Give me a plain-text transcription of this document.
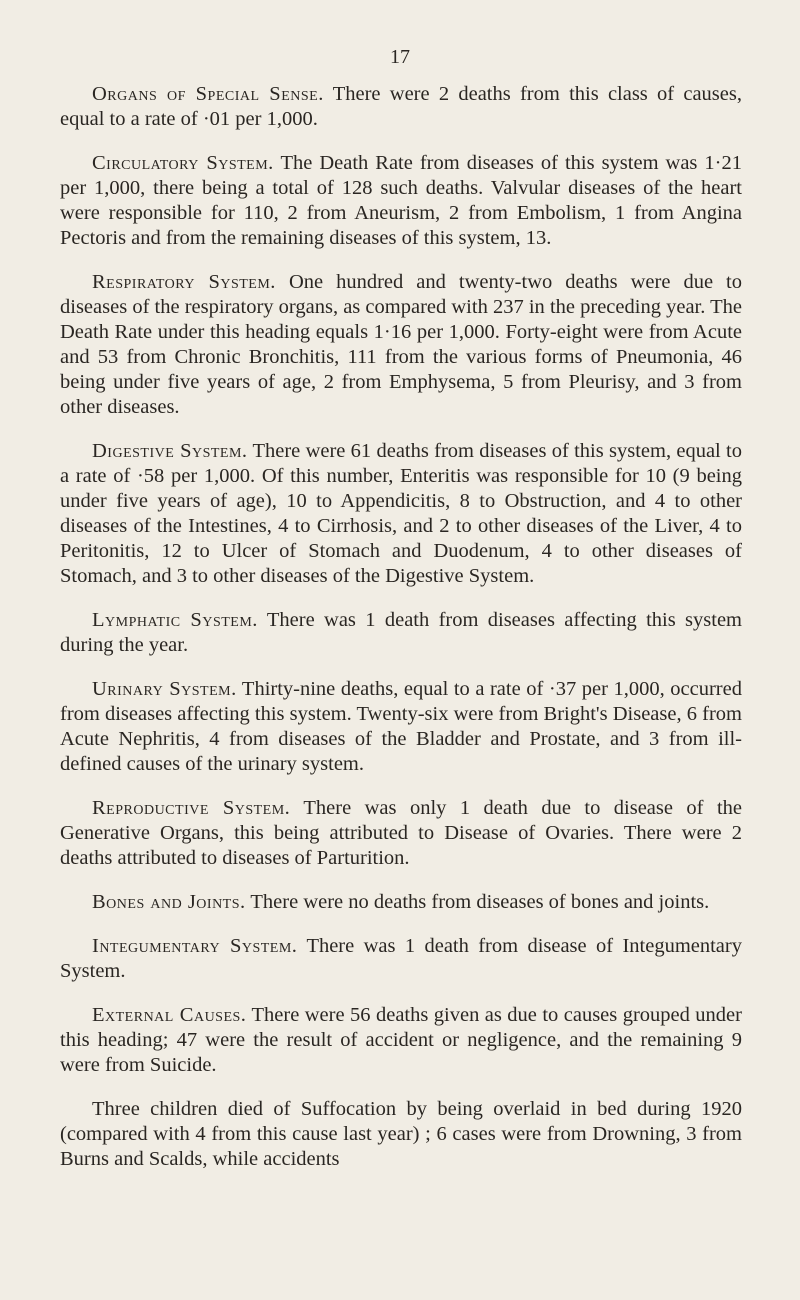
17

Organs of Special Sense. There were 2 deaths from this class of causes, equal to a rate of ·01 per 1,000.

Circulatory System. The Death Rate from diseases of this system was 1·21 per 1,000, there being a total of 128 such deaths. Valvular diseases of the heart were responsible for 110, 2 from Aneurism, 2 from Embolism, 1 from Angina Pectoris and from the remaining diseases of this system, 13.

Respiratory System. One hundred and twenty-two deaths were due to diseases of the respiratory organs, as compared with 237 in the preceding year. The Death Rate under this heading equals 1·16 per 1,000. Forty-eight were from Acute and 53 from Chronic Bronchitis, 111 from the various forms of Pneumonia, 46 being under five years of age, 2 from Emphysema, 5 from Pleurisy, and 3 from other diseases.

Digestive System. There were 61 deaths from diseases of this system, equal to a rate of ·58 per 1,000. Of this number, Enteritis was responsible for 10 (9 being under five years of age), 10 to Appendicitis, 8 to Obstruction, and 4 to other diseases of the Intestines, 4 to Cirrhosis, and 2 to other diseases of the Liver, 4 to Peritonitis, 12 to Ulcer of Stomach and Duodenum, 4 to other diseases of Stomach, and 3 to other diseases of the Digestive System.

Lymphatic System. There was 1 death from diseases affecting this system during the year.

Urinary System. Thirty-nine deaths, equal to a rate of ·37 per 1,000, occurred from diseases affecting this system. Twenty-six were from Bright's Disease, 6 from Acute Nephritis, 4 from diseases of the Bladder and Prostate, and 3 from ill-defined causes of the urinary system.

Reproductive System. There was only 1 death due to disease of the Generative Organs, this being attributed to Disease of Ovaries. There were 2 deaths attributed to diseases of Parturition.

Bones and Joints. There were no deaths from diseases of bones and joints.

Integumentary System. There was 1 death from disease of Integumentary System.

External Causes. There were 56 deaths given as due to causes grouped under this heading; 47 were the result of accident or negligence, and the remaining 9 were from Suicide.

Three children died of Suffocation by being overlaid in bed during 1920 (compared with 4 from this cause last year) ; 6 cases were from Drowning, 3 from Burns and Scalds, while accidents
